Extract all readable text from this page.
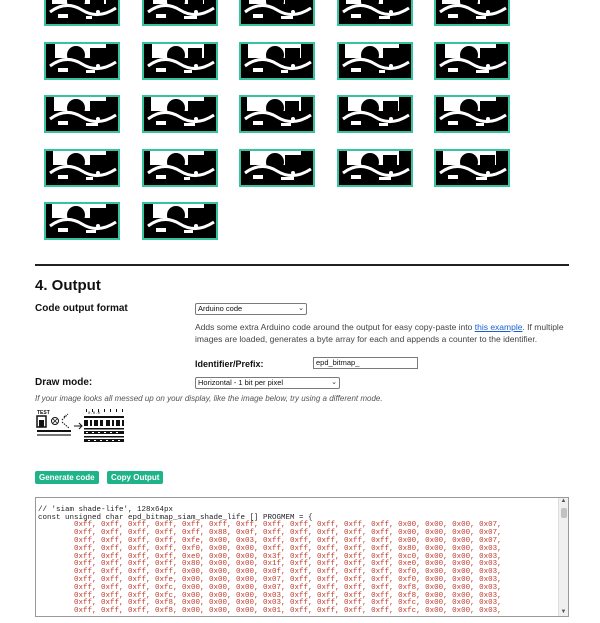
4. Output
Code output format	Arduino code	⌄
Adds some extra Arduino code around the output for easy copy-paste into this example. If multiple images are loaded, generates a byte array for each and appends a counter to the identifier.
Identifier/Prefix:	epd_bitmap_
Draw mode:	Horizontal - 1 bit per pixel	⌄
If your image looks all messed up on your display, like the image below, try using a different mode.
TEST	0.0.0
Generate code	Copy Output

// 'siam shade-life', 128x64px
const unsigned char epd_bitmap_siam_shade_life [] PROGMEM = {
	0xff, 0xff, 0xff, 0xff, 0xff, 0xff, 0xff, 0xff, 0xff, 0xff, 0xff, 0xff, 0x00, 0x00, 0x00, 0x07,
	0xff, 0xff, 0xff, 0xff, 0xff, 0x88, 0x0f, 0xff, 0xff, 0xff, 0xff, 0xff, 0x00, 0x00, 0x00, 0x07,
	0xff, 0xff, 0xff, 0xff, 0xfe, 0x00, 0x03, 0xff, 0xff, 0xff, 0xff, 0xff, 0x00, 0x00, 0x00, 0x07,
	0xff, 0xff, 0xff, 0xff, 0xf0, 0x00, 0x00, 0xff, 0xff, 0xff, 0xff, 0xff, 0x80, 0x00, 0x00, 0x03,
	0xff, 0xff, 0xff, 0xff, 0xe0, 0x00, 0x00, 0x3f, 0xff, 0xff, 0xff, 0xff, 0xc0, 0x00, 0x00, 0x03,
	0xff, 0xff, 0xff, 0xff, 0x80, 0x00, 0x00, 0x1f, 0xff, 0xff, 0xff, 0xff, 0xe0, 0x00, 0x00, 0x03,
	0xff, 0xff, 0xff, 0xff, 0x00, 0x00, 0x00, 0x0f, 0xff, 0xff, 0xff, 0xff, 0xf0, 0x00, 0x00, 0x03,
	0xff, 0xff, 0xff, 0xfe, 0x00, 0x00, 0x00, 0x07, 0xff, 0xff, 0xff, 0xff, 0xf0, 0x00, 0x00, 0x03,
	0xff, 0xff, 0xff, 0xfc, 0x00, 0x00, 0x00, 0x07, 0xff, 0xff, 0xff, 0xff, 0xf8, 0x00, 0x00, 0x03,
	0xff, 0xff, 0xff, 0xfc, 0x00, 0x00, 0x00, 0x03, 0xff, 0xff, 0xff, 0xff, 0xf8, 0x00, 0x00, 0x03,
	0xff, 0xff, 0xff, 0xf8, 0x00, 0x00, 0x00, 0x03, 0xff, 0xff, 0xff, 0xff, 0xfc, 0x00, 0x00, 0x03,
	0xff, 0xff, 0xff, 0xf8, 0x00, 0x00, 0x00, 0x01, 0xff, 0xff, 0xff, 0xff, 0xfc, 0x00, 0x00, 0x03,
▲
▼
